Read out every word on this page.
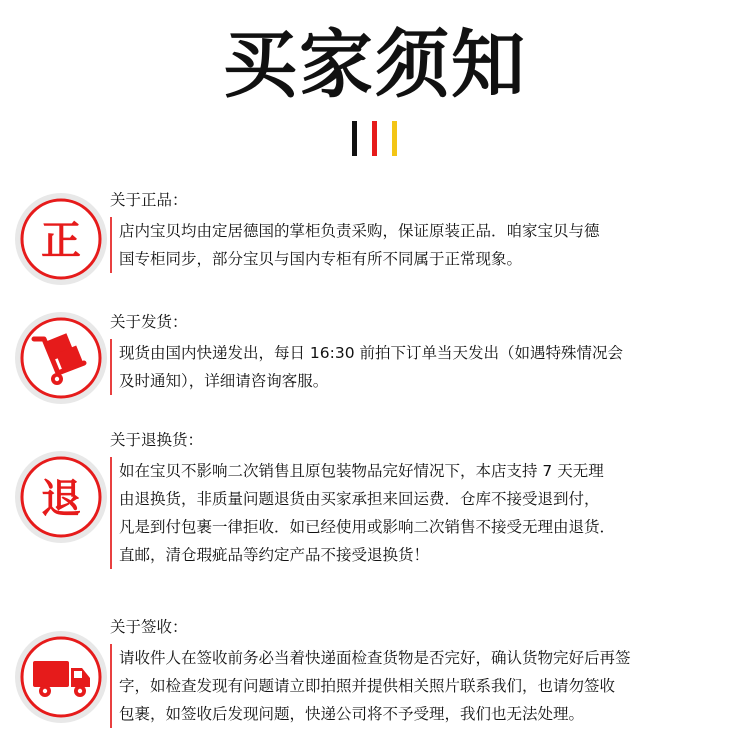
买家须知
正
关于正品：
店内宝贝均由定居德国的掌柜负责采购，保证原装正品．咱家宝贝与德
国专柜同步，部分宝贝与国内专柜有所不同属于正常现象。
关于发货：
现货由国内快递发出，每日 16:30 前拍下订单当天发出（如遇特殊情况会
及时通知），详细请咨询客服。
退
关于退换货：
如在宝贝不影响二次销售且原包装物品完好情况下，本店支持 7 天无理
由退换货，非质量问题退货由买家承担来回运费．仓库不接受退到付，
凡是到付包裹一律拒收．如已经使用或影响二次销售不接受无理由退货．
直邮，清仓瑕疵品等约定产品不接受退换货！
关于签收：
请收件人在签收前务必当着快递面检查货物是否完好，确认货物完好后再签
字，如检查发现有问题请立即拍照并提供相关照片联系我们，也请勿签收
包裹，如签收后发现问题，快递公司将不予受理，我们也无法处理。
